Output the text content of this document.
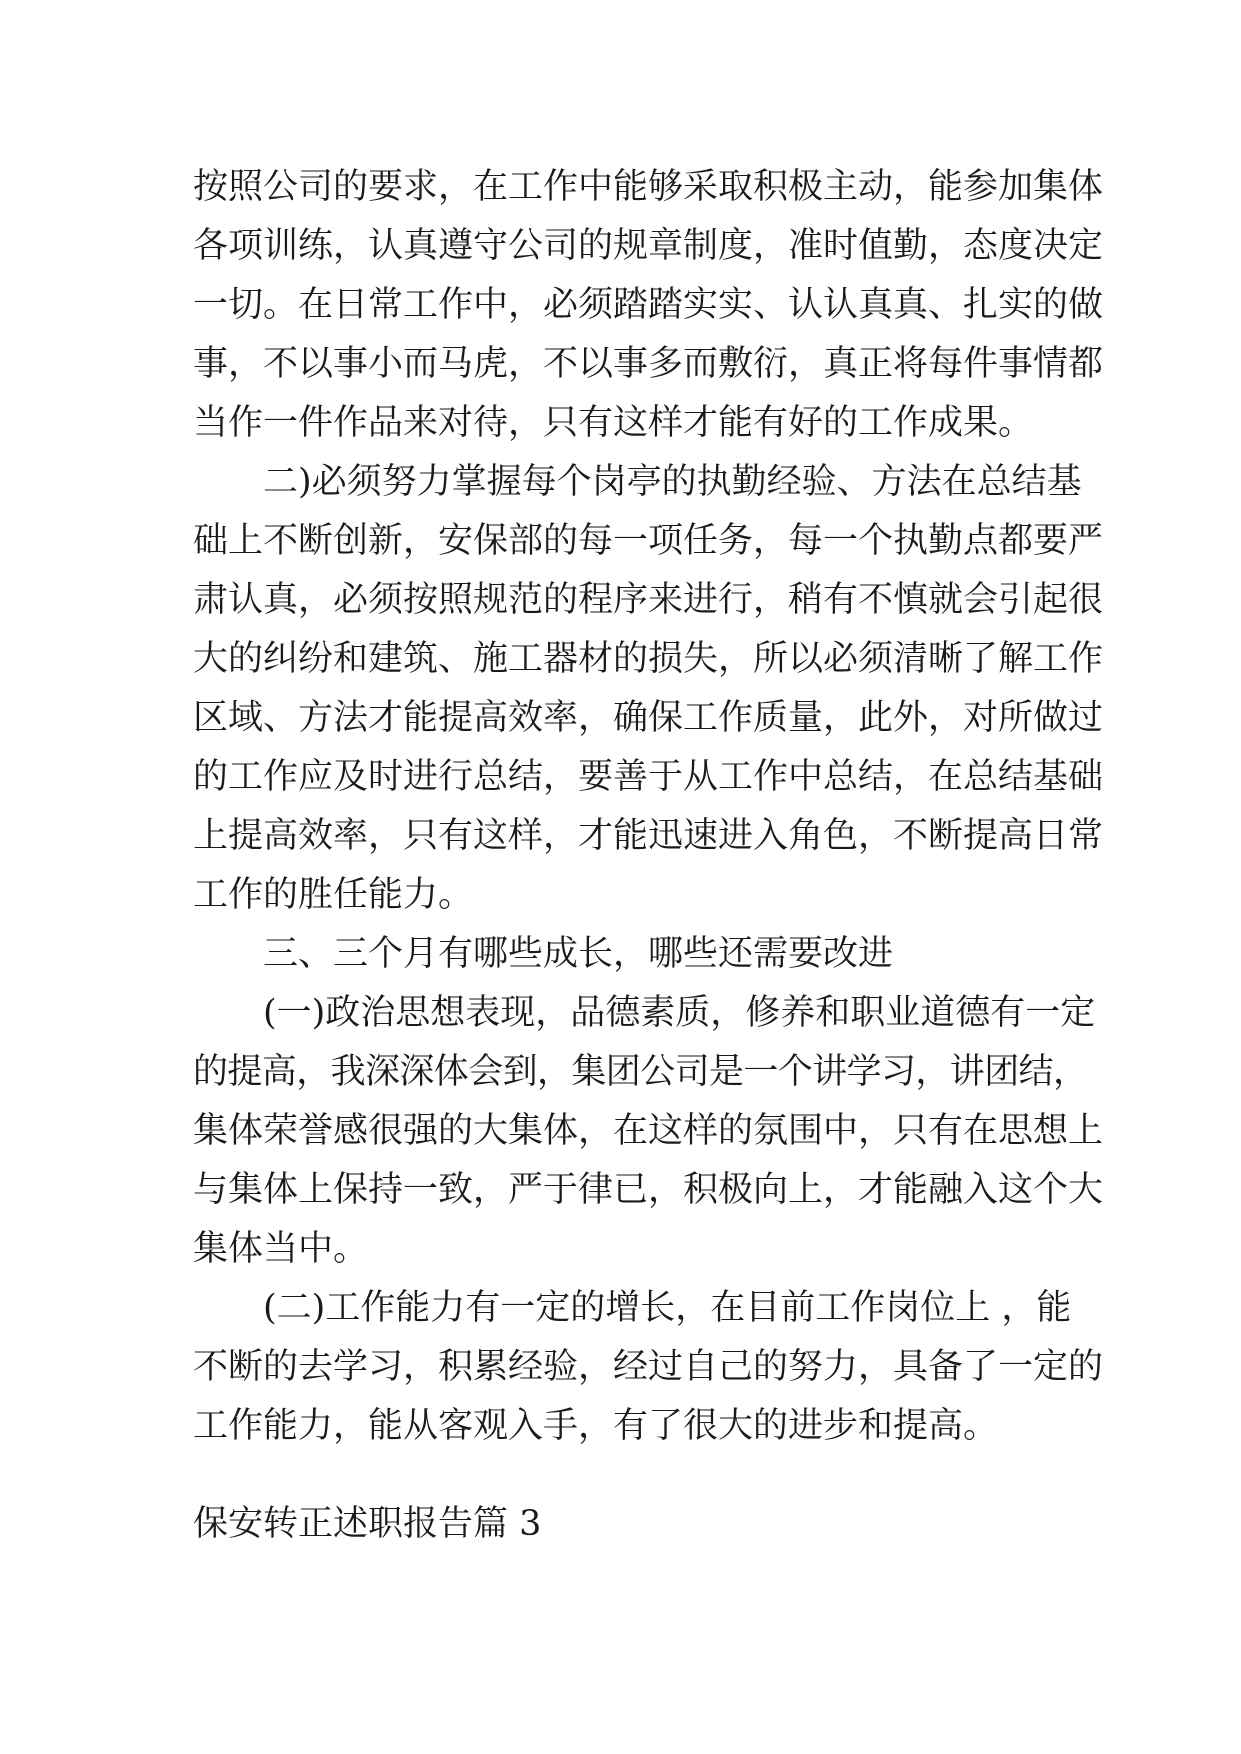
按照公司的要求，在工作中能够采取积极主动，能参加集体
各项训练，认真遵守公司的规章制度，准时值勤，态度决定
一切。在日常工作中，必须踏踏实实、认认真真、扎实的做
事，不以事小而马虎，不以事多而敷衍，真正将每件事情都
当作一件作品来对待，只有这样才能有好的工作成果。
二)必须努力掌握每个岗亭的执勤经验、方法在总结基
础上不断创新，安保部的每一项任务，每一个执勤点都要严
肃认真，必须按照规范的程序来进行，稍有不慎就会引起很
大的纠纷和建筑、施工器材的损失，所以必须清晰了解工作
区域、方法才能提高效率，确保工作质量，此外，对所做过
的工作应及时进行总结，要善于从工作中总结，在总结基础
上提高效率，只有这样，才能迅速进入角色，不断提高日常
工作的胜任能力。
三、三个月有哪些成长，哪些还需要改进
(一)政治思想表现，品德素质，修养和职业道德有一定
的提高，我深深体会到，集团公司是一个讲学习，讲团结，
集体荣誉感很强的大集体，在这样的氛围中，只有在思想上
与集体上保持一致，严于律已，积极向上，才能融入这个大
集体当中。
(二)工作能力有一定的增长，在目前工作岗位上 ，能
不断的去学习，积累经验，经过自己的努力，具备了一定的
工作能力，能从客观入手，有了很大的进步和提高。
保安转正述职报告篇 3
